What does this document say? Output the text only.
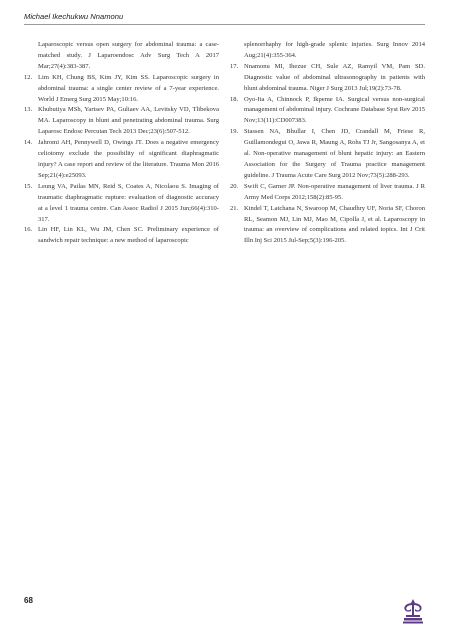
Michael Ikechukwu Nnamonu

Laparoscopic versus open surgery for abdominal trauma: a case-matched study. J Laparoendosc Adv Surg Tech A 2017 Mar;27(4):383-387.

12. Lim KH, Chung BS, Kim JY, Kim SS. Laparoscopic surgery in abdominal trauma: a single center review of a 7-year experience. World J Emerg Surg 2015 May;10:16.

13. Khubutiya MSh, Yartsev PA, Guliaev AA, Levitsky VD, Tlibekova MA. Laparoscopy in blunt and penetrating abdominal trauma. Surg Laparosc Endosc Percutan Tech 2013 Dec;23(6):507-512.

14. Jahromi AH, Pennywell D, Owings JT. Does a negative emergency celiotomy exclude the possibility of significant diaphragmatic injury? A case report and review of the literature. Trauma Mon 2016 Sep;21(4):e25093.

15. Leung VA, Patlas MN, Reid S, Coates A, Nicolaou S. Imaging of traumatic diaphragmatic rupture: evaluation of diagnostic accuracy at a level 1 trauma centre. Can Assoc Radiol J 2015 Jun;66(4):310-317.

16. Lin HF, Lin KL, Wu JM, Chen SC. Preliminary experience of sandwich repair technique: a new method of laparoscopic

splenorrhaphy for high-grade splenic injuries. Surg Innov 2014 Aug;21(4):355-364.

17. Nnamonu MI, Ihezue CH, Sule AZ, Ramyil VM, Pam SD. Diagnostic value of abdominal ultrasonography in patients with blunt abdominal trauma. Niger J Surg 2013 Jul;19(2):73-78.

18. Oyo-Ita A, Chinnock P, Ikpeme IA. Surgical versus non-surgical management of abdominal injury. Cochrane Database Syst Rev 2015 Nov;13(11):CD007383.

19. Stassen NA, Bhullar I, Chen JD, Crandall M, Friese R, Guillamondegui O, Jawa R, Maung A, Rohs TJ Jr, Sangosanya A, et al. Non-operative management of blunt hepatic injury: an Eastern Association for the Surgery of Trauma practice management guideline. J Trauma Acute Care Surg 2012 Nov;73(5):288-293.

20. Swift C, Garner JP. Non-operative management of liver trauma. J R Army Med Corps 2012;158(2):85-95.

21. Kindel T, Latchana N, Swaroop M, Chaudhry UF, Noria SF, Choron RL, Seamon MJ, Lin MJ, Mao M, Cipolla J, et al. Laparoscopy in trauma: an overview of complications and related topics. Int J Crit Illn Inj Sci 2015 Jul-Sep;5(3):196-205.

68
